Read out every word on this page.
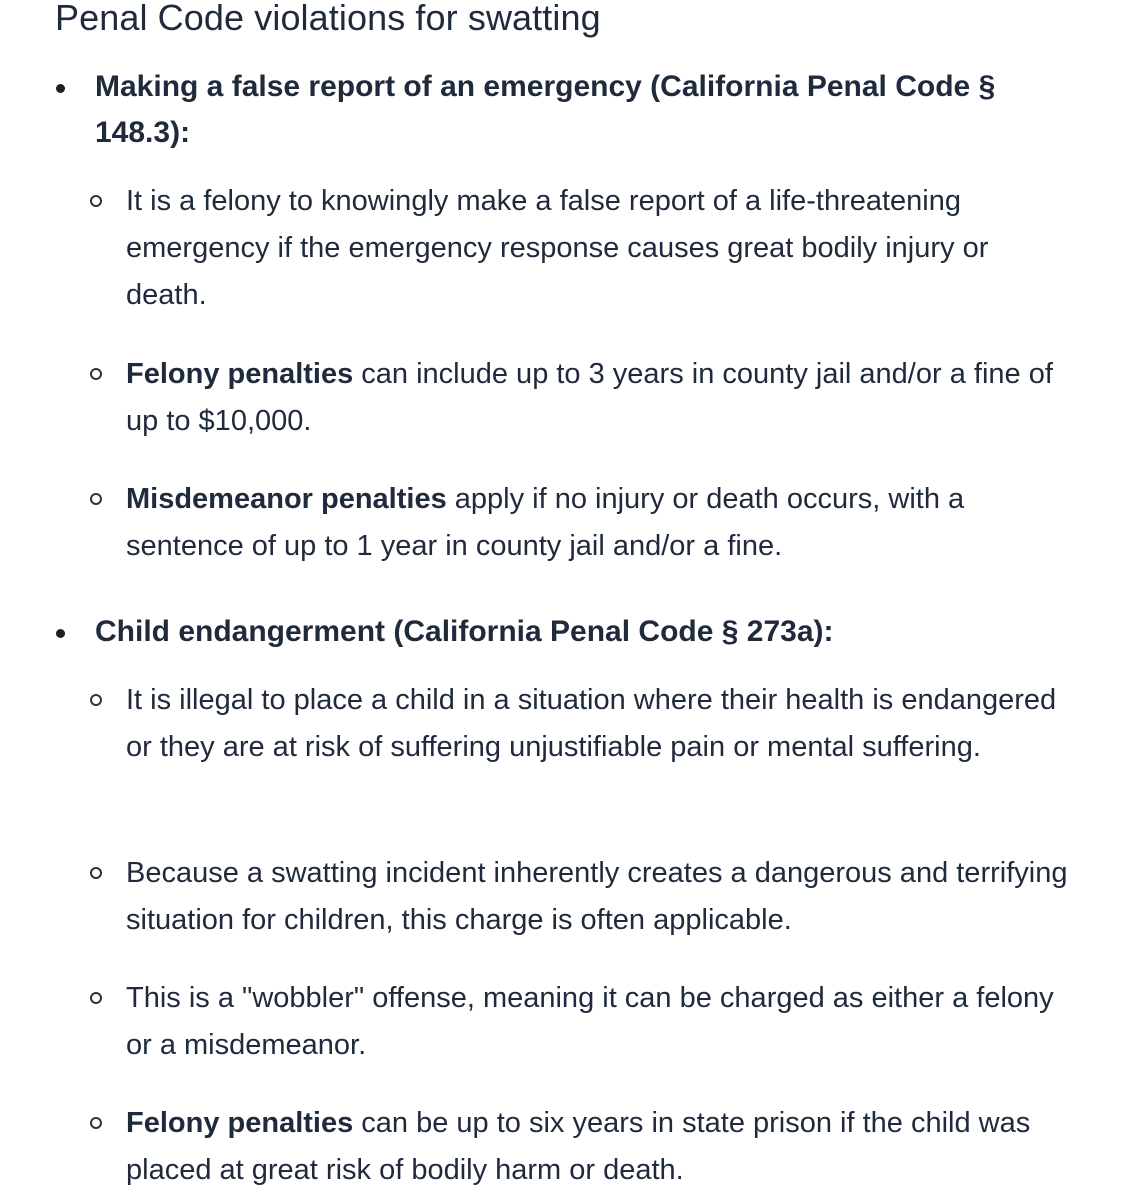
Penal Code violations for swatting

Making a false report of an emergency (California Penal Code § 148.3):

It is a felony to knowingly make a false report of a life-threatening emergency if the emergency response causes great bodily injury or death.

Felony penalties can include up to 3 years in county jail and/or a fine of up to $10,000.

Misdemeanor penalties apply if no injury or death occurs, with a sentence of up to 1 year in county jail and/or a fine.

Child endangerment (California Penal Code § 273a):

It is illegal to place a child in a situation where their health is endangered or they are at risk of suffering unjustifiable pain or mental suffering.

Because a swatting incident inherently creates a dangerous and terrifying situation for children, this charge is often applicable.

This is a "wobbler" offense, meaning it can be charged as either a felony or a misdemeanor.

Felony penalties can be up to six years in state prison if the child was placed at great risk of bodily harm or death.
